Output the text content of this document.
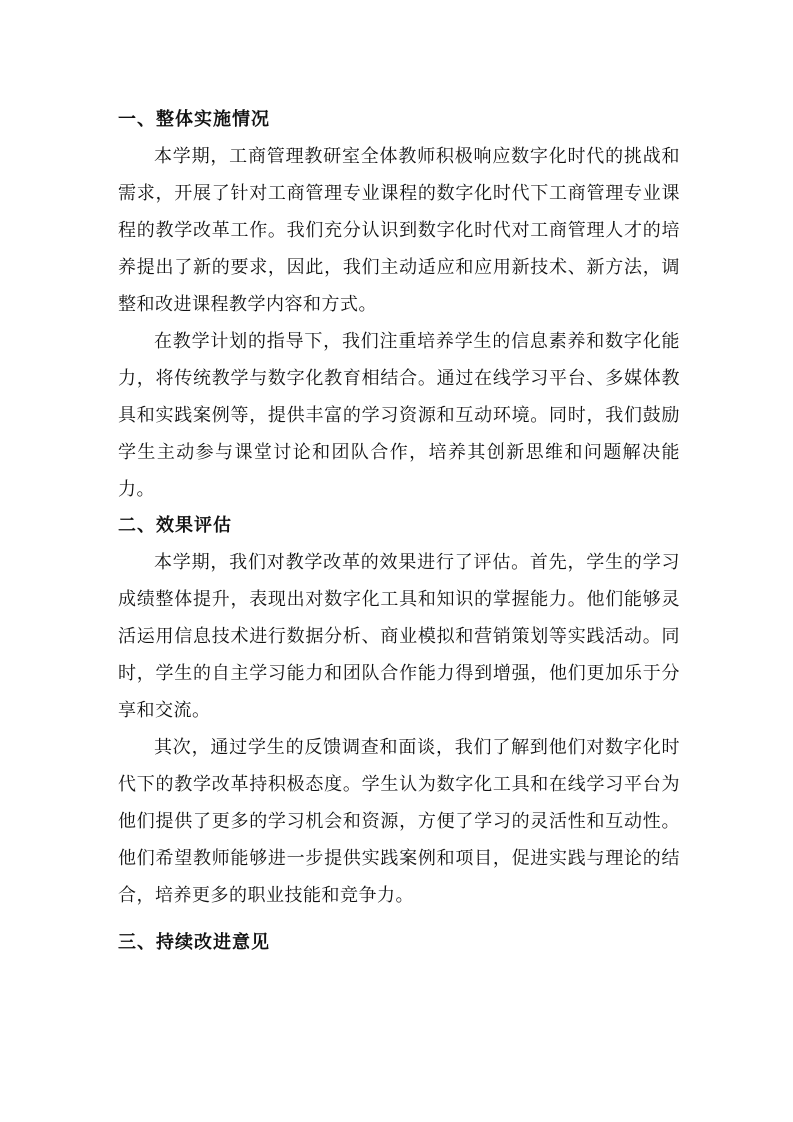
一、整体实施情况

本学期，工商管理教研室全体教师积极响应数字化时代的挑战和需求，开展了针对工商管理专业课程的数字化时代下工商管理专业课程的教学改革工作。我们充分认识到数字化时代对工商管理人才的培养提出了新的要求，因此，我们主动适应和应用新技术、新方法，调整和改进课程教学内容和方式。

在教学计划的指导下，我们注重培养学生的信息素养和数字化能力，将传统教学与数字化教育相结合。通过在线学习平台、多媒体教具和实践案例等，提供丰富的学习资源和互动环境。同时，我们鼓励学生主动参与课堂讨论和团队合作，培养其创新思维和问题解决能力。

二、效果评估

本学期，我们对教学改革的效果进行了评估。首先，学生的学习成绩整体提升，表现出对数字化工具和知识的掌握能力。他们能够灵活运用信息技术进行数据分析、商业模拟和营销策划等实践活动。同时，学生的自主学习能力和团队合作能力得到增强，他们更加乐于分享和交流。

其次，通过学生的反馈调查和面谈，我们了解到他们对数字化时代下的教学改革持积极态度。学生认为数字化工具和在线学习平台为他们提供了更多的学习机会和资源，方便了学习的灵活性和互动性。他们希望教师能够进一步提供实践案例和项目，促进实践与理论的结合，培养更多的职业技能和竞争力。

三、持续改进意见
